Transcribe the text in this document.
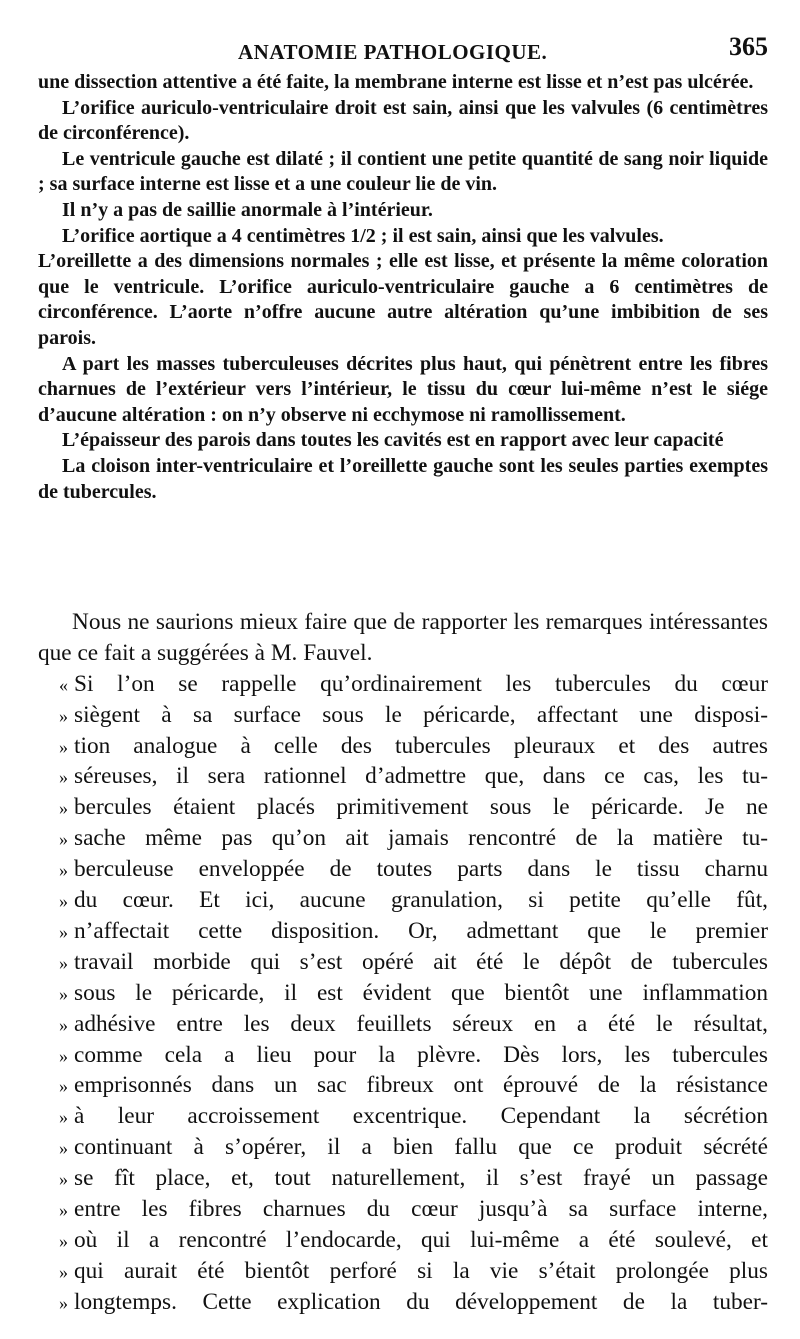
ANATOMIE PATHOLOGIQUE.	365

une dissection attentive a été faite, la membrane interne est lisse et n’est pas ulcérée.

L’orifice auriculo-ventriculaire droit est sain, ainsi que les valvules (6 centimètres de circonférence).

Le ventricule gauche est dilaté ; il contient une petite quantité de sang noir liquide ; sa surface interne est lisse et a une couleur lie de vin.

Il n’y a pas de saillie anormale à l’intérieur.

L’orifice aortique a 4 centimètres 1/2 ; il est sain, ainsi que les valvules.

L’oreillette a des dimensions normales ; elle est lisse, et présente la même coloration que le ventricule. L’orifice auriculo-ventriculaire gauche a 6 centimètres de circonférence. L’aorte n’offre aucune autre altération qu’une imbibition de ses parois.

A part les masses tuberculeuses décrites plus haut, qui pénètrent entre les fibres charnues de l’extérieur vers l’intérieur, le tissu du cœur lui-même n’est le siége d’aucune altération : on n’y observe ni ecchymose ni ramollissement.

L’épaisseur des parois dans toutes les cavités est en rapport avec leur capacité

La cloison inter-ventriculaire et l’oreillette gauche sont les seules parties exemptes de tubercules.

Nous ne saurions mieux faire que de rapporter les remarques intéressantes que ce fait a suggérées à M. Fauvel.

« Si l’on se rappelle qu’ordinairement les tubercules du cœur
» siègent à sa surface sous le péricarde, affectant une disposi-
» tion analogue à celle des tubercules pleuraux et des autres
» séreuses, il sera rationnel d’admettre que, dans ce cas, les tu-
» bercules étaient placés primitivement sous le péricarde. Je ne
» sache même pas qu’on ait jamais rencontré de la matière tu-
» berculeuse enveloppée de toutes parts dans le tissu charnu
» du cœur. Et ici, aucune granulation, si petite qu’elle fût,
» n’affectait cette disposition. Or, admettant que le premier
» travail morbide qui s’est opéré ait été le dépôt de tubercules
» sous le péricarde, il est évident que bientôt une inflammation
» adhésive entre les deux feuillets séreux en a été le résultat,
» comme cela a lieu pour la plèvre. Dès lors, les tubercules
» emprisonnés dans un sac fibreux ont éprouvé de la résistance
» à leur accroissement excentrique. Cependant la sécrétion
» continuant à s’opérer, il a bien fallu que ce produit sécrété
» se fît place, et, tout naturellement, il s’est frayé un passage
» entre les fibres charnues du cœur jusqu’à sa surface interne,
» où il a rencontré l’endocarde, qui lui-même a été soulevé, et
» qui aurait été bientôt perforé si la vie s’était prolongée plus
» longtemps. Cette explication du développement de la tuber-
